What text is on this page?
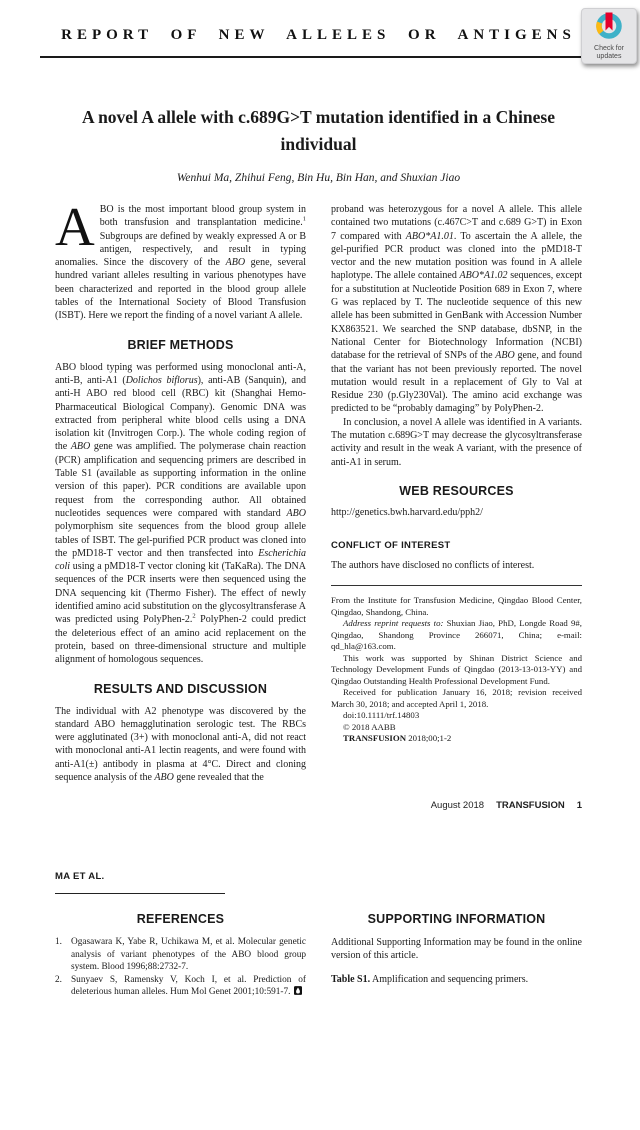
REPORT OF NEW ALLELES OR ANTIGENS
Check for
updates
A novel A allele with c.689G>T mutation identified in a Chinese individual
Wenhui Ma, Zhihui Feng, Bin Hu, Bin Han, and Shuxian Jiao

ABO is the most important blood group system in both transfusion and transplantation medicine.$^1$ Subgroups are defined by weakly expressed A or B antigen, respectively, and result in typing anomalies. Since the discovery of the ABO gene, several hundred variant alleles resulting in various phenotypes have been characterized and reported in the blood group allele tables of the International Society of Blood Transfusion (ISBT). Here we report the finding of a novel variant A allele.

BRIEF METHODS

ABO blood typing was performed using monoclonal anti-A, anti-B, anti-A1 (Dolichos biflorus), anti-AB (Sanquin), and anti-H ABO red blood cell (RBC) kit (Shanghai Hemo-Pharmaceutical Biological Company). Genomic DNA was extracted from peripheral white blood cells using a DNA isolation kit (Invitrogen Corp.). The whole coding region of the ABO gene was amplified. The polymerase chain reaction (PCR) amplification and sequencing primers are described in Table S1 (available as supporting information in the online version of this paper). PCR conditions are available upon request from the corresponding author. All obtained nucleotides sequences were compared with standard ABO polymorphism site sequences from the blood group allele tables of ISBT. The gel-purified PCR product was cloned into the pMD18-T vector and then transfected into Escherichia coli using a pMD18-T vector cloning kit (TaKaRa). The DNA sequences of the PCR inserts were then sequenced using the DNA sequencing kit (Thermo Fisher). The effect of newly identified amino acid substitution on the glycosyltransferase A was predicted using PolyPhen-2.$^2$ PolyPhen-2 could predict the deleterious effect of an amino acid replacement on the protein, based on three-dimensional structure and multiple alignment of homologous sequences.

RESULTS AND DISCUSSION

The individual with A2 phenotype was discovered by the standard ABO hemagglutination serologic test. The RBCs were agglutinated (3+) with monoclonal anti-A, did not react with monoclonal anti-A1 lectin reagents, and were found with anti-A1(±) antibody in plasma at 4°C. Direct and cloning sequence analysis of the ABO gene revealed that the

proband was heterozygous for a novel A allele. This allele contained two mutations (c.467C>T and c.689 G>T) in Exon 7 compared with ABO*A1.01. To ascertain the A allele, the gel-purified PCR product was cloned into the pMD18-T vector and the new mutation position was found in A allele haplotype. The allele contained ABO*A1.02 sequences, except for a substitution at Nucleotide Position 689 in Exon 7, where G was replaced by T. The nucleotide sequence of this new allele has been submitted in GenBank with Accession Number KX863521. We searched the SNP database, dbSNP, in the National Center for Biotechnology Information (NCBI) database for the retrieval of SNPs of the ABO gene, and found that the variant has not been previously reported. The novel mutation would result in a replacement of Gly to Val at Residue 230 (p.Gly230Val). The amino acid exchange was predicted to be “probably damaging” by PolyPhen-2.

In conclusion, a novel A allele was identified in A variants. The mutation c.689G>T may decrease the glycosyltransferase activity and result in the weak A variant, with the presence of anti-A1 in serum.

WEB RESOURCES

http://genetics.bwh.harvard.edu/pph2/

CONFLICT OF INTEREST

The authors have disclosed no conflicts of interest.

From the Institute for Transfusion Medicine, Qingdao Blood Center, Qingdao, Shandong, China.

Address reprint requests to: Shuxian Jiao, PhD, Longde Road 9#, Qingdao, Shandong Province 266071, China; e-mail: qd_hla@163.com.

This work was supported by Shinan District Science and Technology Development Funds of Qingdao (2013-13-013-YY) and Qingdao Outstanding Health Professional Development Fund.

Received for publication January 16, 2018; revision received March 30, 2018; and accepted April 1, 2018.

doi:10.1111/trf.14803

© 2018 AABB

TRANSFUSION 2018;00;1-2

August 2018 TRANSFUSION 1
MA ET AL.
REFERENCES
1. Ogasawara K, Yabe R, Uchikawa M, et al. Molecular genetic analysis of variant phenotypes of the ABO blood group system. Blood 1996;88:2732-7.
2. Sunyaev S, Ramensky V, Koch I, et al. Prediction of deleterious human alleles. Hum Mol Genet 2001;10:591-7.
SUPPORTING INFORMATION

Additional Supporting Information may be found in the online version of this article.

Table S1. Amplification and sequencing primers.
